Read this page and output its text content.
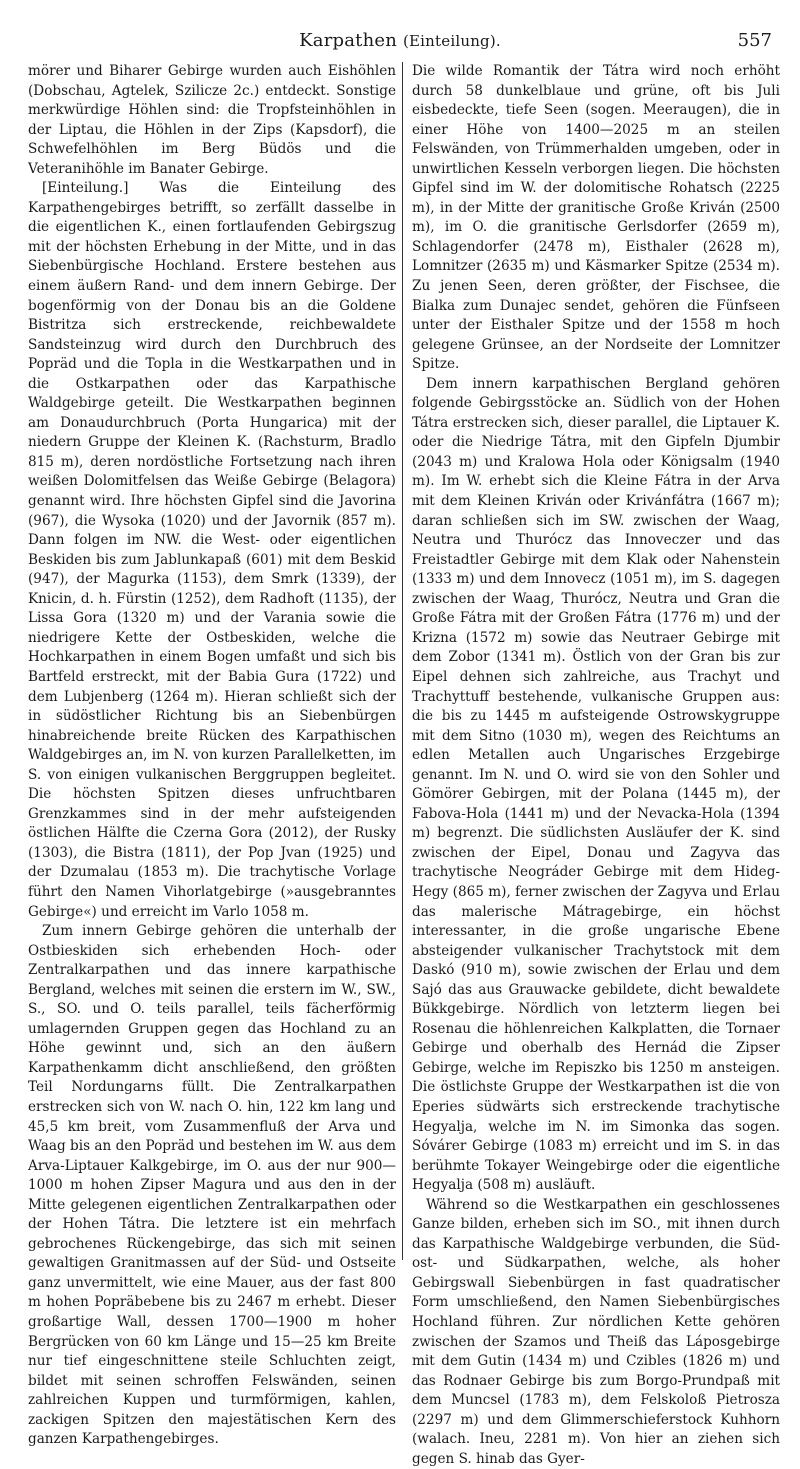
Karpathen (Einteilung).	557

mörer und Biharer Gebirge wurden auch Eishöhlen (Dobschau, Agtelek, Szilicze 2c.) entdeckt. Sonstige merkwürdige Höhlen sind: die Tropfsteinhöhlen in der Liptau, die Höhlen in der Zips (Kapsdorf), die Schwefelhöhlen im Berg Büdös und die Veteranihöhle im Banater Gebirge.

[Einteilung.] Was die Einteilung des Karpathengebirges betrifft, so zerfällt dasselbe in die eigentlichen K., einen fortlaufenden Gebirgszug mit der höchsten Erhebung in der Mitte, und in das Siebenbürgische Hochland. Erstere bestehen aus einem äußern Rand- und dem innern Gebirge. Der bogenförmig von der Donau bis an die Goldene Bistritza sich erstreckende, reichbewaldete Sandsteinzug wird durch den Durchbruch des Popräd und die Topla in die Westkarpathen und in die Ostkarpathen oder das Karpathische Waldgebirge geteilt. Die Westkarpathen beginnen am Donaudurchbruch (Porta Hungarica) mit der niedern Gruppe der Kleinen K. (Rachsturm, Bradlo 815 m), deren nordöstliche Fortsetzung nach ihren weißen Dolomitfelsen das Weiße Gebirge (Belagora) genannt wird. Ihre höchsten Gipfel sind die Javorina (967), die Wysoka (1020) und der Javornik (857 m). Dann folgen im NW. die West- oder eigentlichen Beskiden bis zum Jablunkapaß (601) mit dem Beskid (947), der Magurka (1153), dem Smrk (1339), der Knicin, d. h. Fürstin (1252), dem Radhoft (1135), der Lissa Gora (1320 m) und der Varania sowie die niedrigere Kette der Ostbeskiden, welche die Hochkarpathen in einem Bogen umfaßt und sich bis Bartfeld erstreckt, mit der Babia Gura (1722) und dem Lubjenberg (1264 m). Hieran schließt sich der in südöstlicher Richtung bis an Siebenbürgen hinabreichende breite Rücken des Karpathischen Waldgebirges an, im N. von kurzen Parallelketten, im S. von einigen vulkanischen Berggruppen begleitet. Die höchsten Spitzen dieses unfruchtbaren Grenzkammes sind in der mehr aufsteigenden östlichen Hälfte die Czerna Gora (2012), der Rusky (1303), die Bistra (1811), der Pop Jvan (1925) und der Dzumalau (1853 m). Die trachytische Vorlage führt den Namen Vihorlatgebirge (»ausgebranntes Gebirge«) und erreicht im Varlo 1058 m.

Zum innern Gebirge gehören die unterhalb der Ostbieskiden sich erhebenden Hoch- oder Zentralkarpathen und das innere karpathische Bergland, welches mit seinen die erstern im W., SW., S., SO. und O. teils parallel, teils fächerförmig umlagernden Gruppen gegen das Hochland zu an Höhe gewinnt und, sich an den äußern Karpathenkamm dicht anschließend, den größten Teil Nordungarns füllt. Die Zentralkarpathen erstrecken sich von W. nach O. hin, 122 km lang und 45,5 km breit, vom Zusammenfluß der Arva und Waag bis an den Popräd und bestehen im W. aus dem Arva-Liptauer Kalkgebirge, im O. aus der nur 900—1000 m hohen Zipser Magura und aus den in der Mitte gelegenen eigentlichen Zentralkarpathen oder der Hohen Tátra. Die letztere ist ein mehrfach gebrochenes Rückengebirge, das sich mit seinen gewaltigen Granitmassen auf der Süd- und Ostseite ganz unvermittelt, wie eine Mauer, aus der fast 800 m hohen Popräbebene bis zu 2467 m erhebt. Dieser großartige Wall, dessen 1700—1900 m hoher Bergrücken von 60 km Länge und 15—25 km Breite nur tief eingeschnittene steile Schluchten zeigt, bildet mit seinen schroffen Felswänden, seinen zahlreichen Kuppen und turmförmigen, kahlen, zackigen Spitzen den majestätischen Kern des ganzen Karpathengebirges.

Die wilde Romantik der Tátra wird noch erhöht durch 58 dunkelblaue und grüne, oft bis Juli eisbedeckte, tiefe Seen (sogen. Meeraugen), die in einer Höhe von 1400—2025 m an steilen Felswänden, von Trümmerhalden umgeben, oder in unwirtlichen Kesseln verborgen liegen. Die höchsten Gipfel sind im W. der dolomitische Rohatsch (2225 m), in der Mitte der granitische Große Kriván (2500 m), im O. die granitische Gerlsdorfer (2659 m), Schlagendorfer (2478 m), Eisthaler (2628 m), Lomnitzer (2635 m) und Käsmarker Spitze (2534 m). Zu jenen Seen, deren größter, der Fischsee, die Bialka zum Dunajec sendet, gehören die Fünfseen unter der Eisthaler Spitze und der 1558 m hoch gelegene Grünsee, an der Nordseite der Lomnitzer Spitze.

Dem innern karpathischen Bergland gehören folgende Gebirgsstöcke an. Südlich von der Hohen Tátra erstrecken sich, dieser parallel, die Liptauer K. oder die Niedrige Tátra, mit den Gipfeln Djumbir (2043 m) und Kralowa Hola oder Königsalm (1940 m). Im W. erhebt sich die Kleine Fátra in der Arva mit dem Kleinen Kriván oder Krivánfátra (1667 m); daran schließen sich im SW. zwischen der Waag, Neutra und Thurócz das Innoveczer und das Freistadtler Gebirge mit dem Klak oder Nahenstein (1333 m) und dem Innovecz (1051 m), im S. dagegen zwischen der Waag, Thurócz, Neutra und Gran die Große Fátra mit der Großen Fátra (1776 m) und der Krizna (1572 m) sowie das Neutraer Gebirge mit dem Zobor (1341 m). Östlich von der Gran bis zur Eipel dehnen sich zahlreiche, aus Trachyt und Trachyttuff bestehende, vulkanische Gruppen aus: die bis zu 1445 m aufsteigende Ostrowskygruppe mit dem Sitno (1030 m), wegen des Reichtums an edlen Metallen auch Ungarisches Erzgebirge genannt. Im N. und O. wird sie von den Sohler und Gömörer Gebirgen, mit der Polana (1445 m), der Fabova-Hola (1441 m) und der Nevacka-Hola (1394 m) begrenzt. Die südlichsten Ausläufer der K. sind zwischen der Eipel, Donau und Zagyva das trachytische Neográder Gebirge mit dem Hideg-Hegy (865 m), ferner zwischen der Zagyva und Erlau das malerische Mátragebirge, ein höchst interessanter, in die große ungarische Ebene absteigender vulkanischer Trachytstock mit dem Daskó (910 m), sowie zwischen der Erlau und dem Sajó das aus Grauwacke gebildete, dicht bewaldete Bükkgebirge. Nördlich von letzterm liegen bei Rosenau die höhlenreichen Kalkplatten, die Tornaer Gebirge und oberhalb des Hernád die Zipser Gebirge, welche im Repiszko bis 1250 m ansteigen. Die östlichste Gruppe der Westkarpathen ist die von Eperies südwärts sich erstreckende trachytische Hegyalja, welche im N. im Simonka das sogen. Sóvárer Gebirge (1083 m) erreicht und im S. in das berühmte Tokayer Weingebirge oder die eigentliche Hegyalja (508 m) ausläuft.

Während so die Westkarpathen ein geschlossenes Ganze bilden, erheben sich im SO., mit ihnen durch das Karpathische Waldgebirge verbunden, die Süd-ost- und Südkarpathen, welche, als hoher Gebirgswall Siebenbürgen in fast quadratischer Form umschließend, den Namen Siebenbürgisches Hochland führen. Zur nördlichen Kette gehören zwischen der Szamos und Theiß das Láposgebirge mit dem Gutin (1434 m) und Czibles (1826 m) und das Rodnaer Gebirge bis zum Borgo-Prundpaß mit dem Muncsel (1783 m), dem Felskoloß Pietrosza (2297 m) und dem Glimmerschieferstock Kuhhorn (walach. Ineu, 2281 m). Von hier an ziehen sich gegen S. hinab das Gyer-
